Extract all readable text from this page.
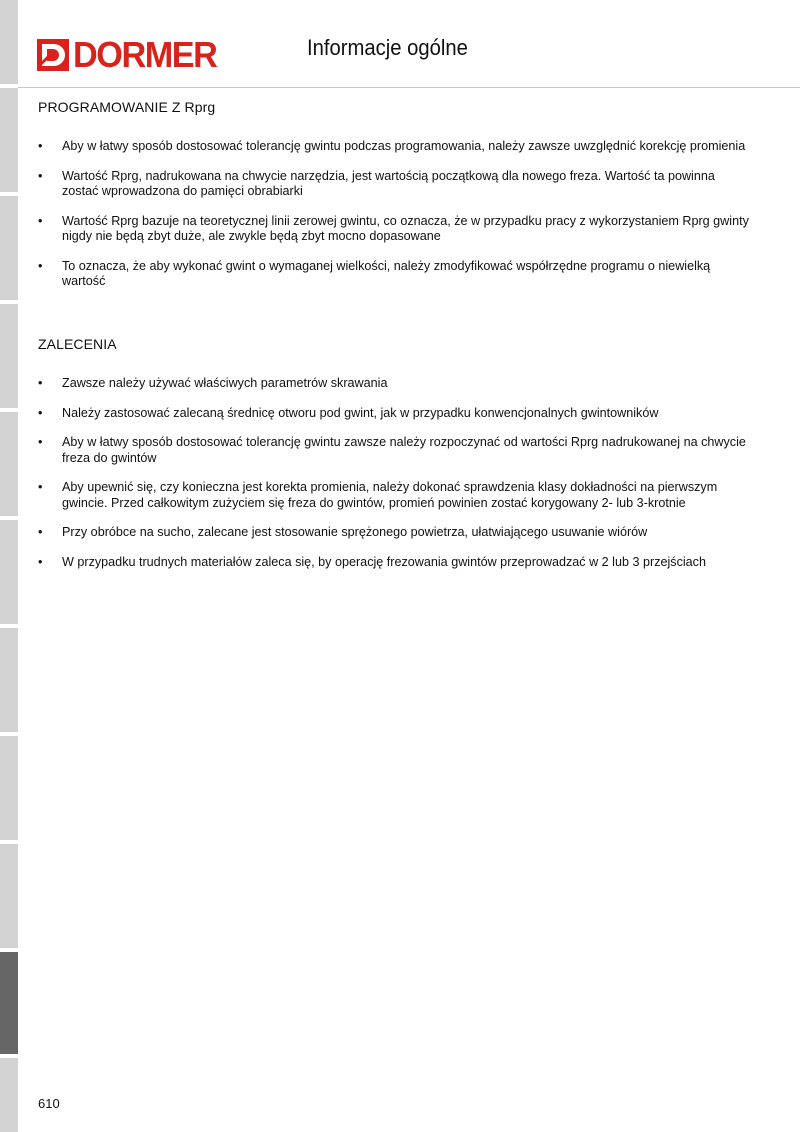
DORMER	Informacje ogólne
PROGRAMOWANIE Z Rprg
• Aby w łatwy sposób dostosować tolerancję gwintu podczas programowania, należy zawsze uwzględnić korekcję promienia
• Wartość Rprg, nadrukowana na chwycie narzędzia, jest wartością początkową dla nowego freza. Wartość ta powinna zostać wprowadzona do pamięci obrabiarki
• Wartość Rprg bazuje na teoretycznej linii zerowej gwintu, co oznacza, że w przypadku pracy z wykorzystaniem Rprg gwinty nigdy nie będą zbyt duże, ale zwykle będą zbyt mocno dopasowane
• To oznacza, że aby wykonać gwint o wymaganej wielkości, należy zmodyfikować współrzędne programu o niewielką wartość
ZALECENIA
• Zawsze należy używać właściwych parametrów skrawania
• Należy zastosować zalecaną średnicę otworu pod gwint, jak w przypadku konwencjonalnych gwintowników
• Aby w łatwy sposób dostosować tolerancję gwintu zawsze należy rozpoczynać od wartości Rprg nadrukowanej na chwycie freza do gwintów
• Aby upewnić się, czy konieczna jest korekta promienia, należy dokonać sprawdzenia klasy dokładności na pierwszym gwincie. Przed całkowitym zużyciem się freza do gwintów, promień powinien zostać korygowany 2- lub 3-krotnie
• Przy obróbce na sucho, zalecane jest stosowanie sprężonego powietrza, ułatwiającego usuwanie wiórów
• W przypadku trudnych materiałów zaleca się, by operację frezowania gwintów przeprowadzać w 2 lub 3 przejściach
610
